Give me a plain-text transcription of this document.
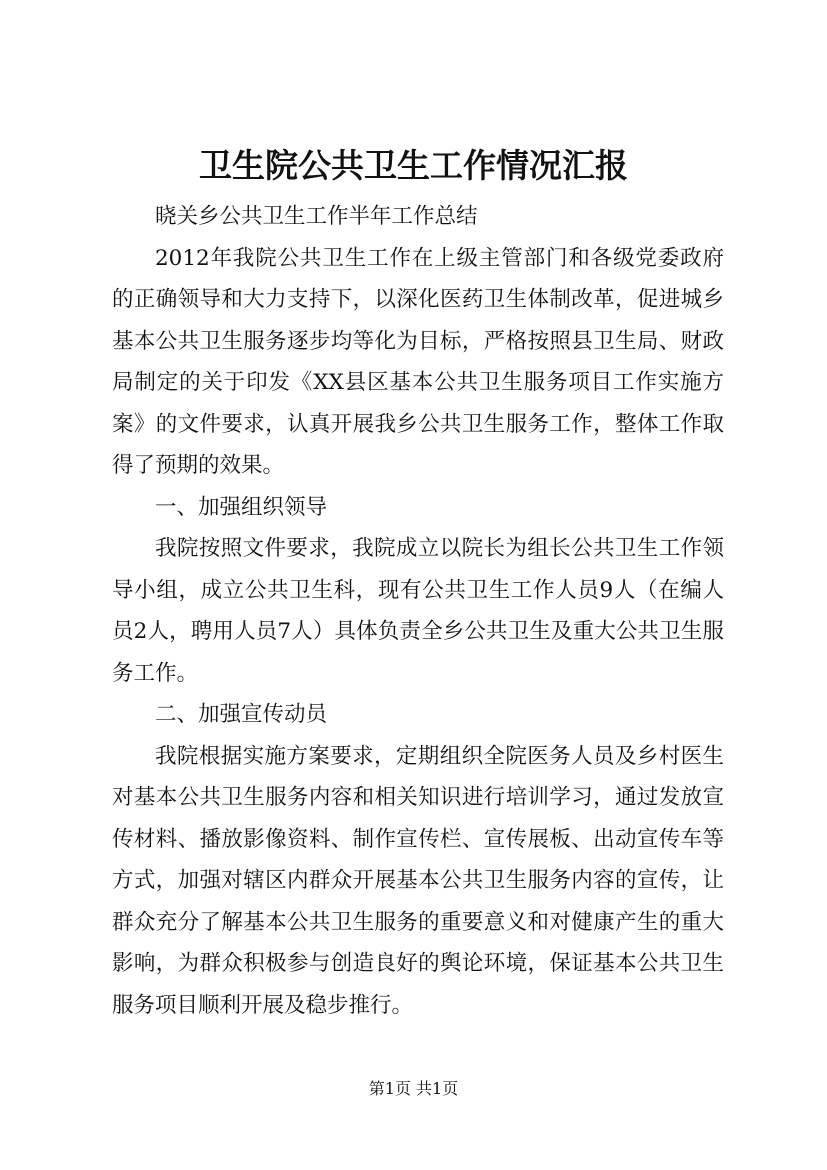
卫生院公共卫生工作情况汇报

晓关乡公共卫生工作半年工作总结

2012年我院公共卫生工作在上级主管部门和各级党委政府的正确领导和大力支持下，以深化医药卫生体制改革，促进城乡基本公共卫生服务逐步均等化为目标，严格按照县卫生局、财政局制定的关于印发《XX县区基本公共卫生服务项目工作实施方案》的文件要求，认真开展我乡公共卫生服务工作，整体工作取得了预期的效果。

一、加强组织领导

我院按照文件要求，我院成立以院长为组长公共卫生工作领导小组，成立公共卫生科，现有公共卫生工作人员9人（在编人员2人，聘用人员7人）具体负责全乡公共卫生及重大公共卫生服务工作。

二、加强宣传动员

我院根据实施方案要求，定期组织全院医务人员及乡村医生对基本公共卫生服务内容和相关知识进行培训学习，通过发放宣传材料、播放影像资料、制作宣传栏、宣传展板、出动宣传车等方式，加强对辖区内群众开展基本公共卫生服务内容的宣传，让群众充分了解基本公共卫生服务的重要意义和对健康产生的重大影响，为群众积极参与创造良好的舆论环境，保证基本公共卫生服务项目顺利开展及稳步推行。

第1页 共1页
